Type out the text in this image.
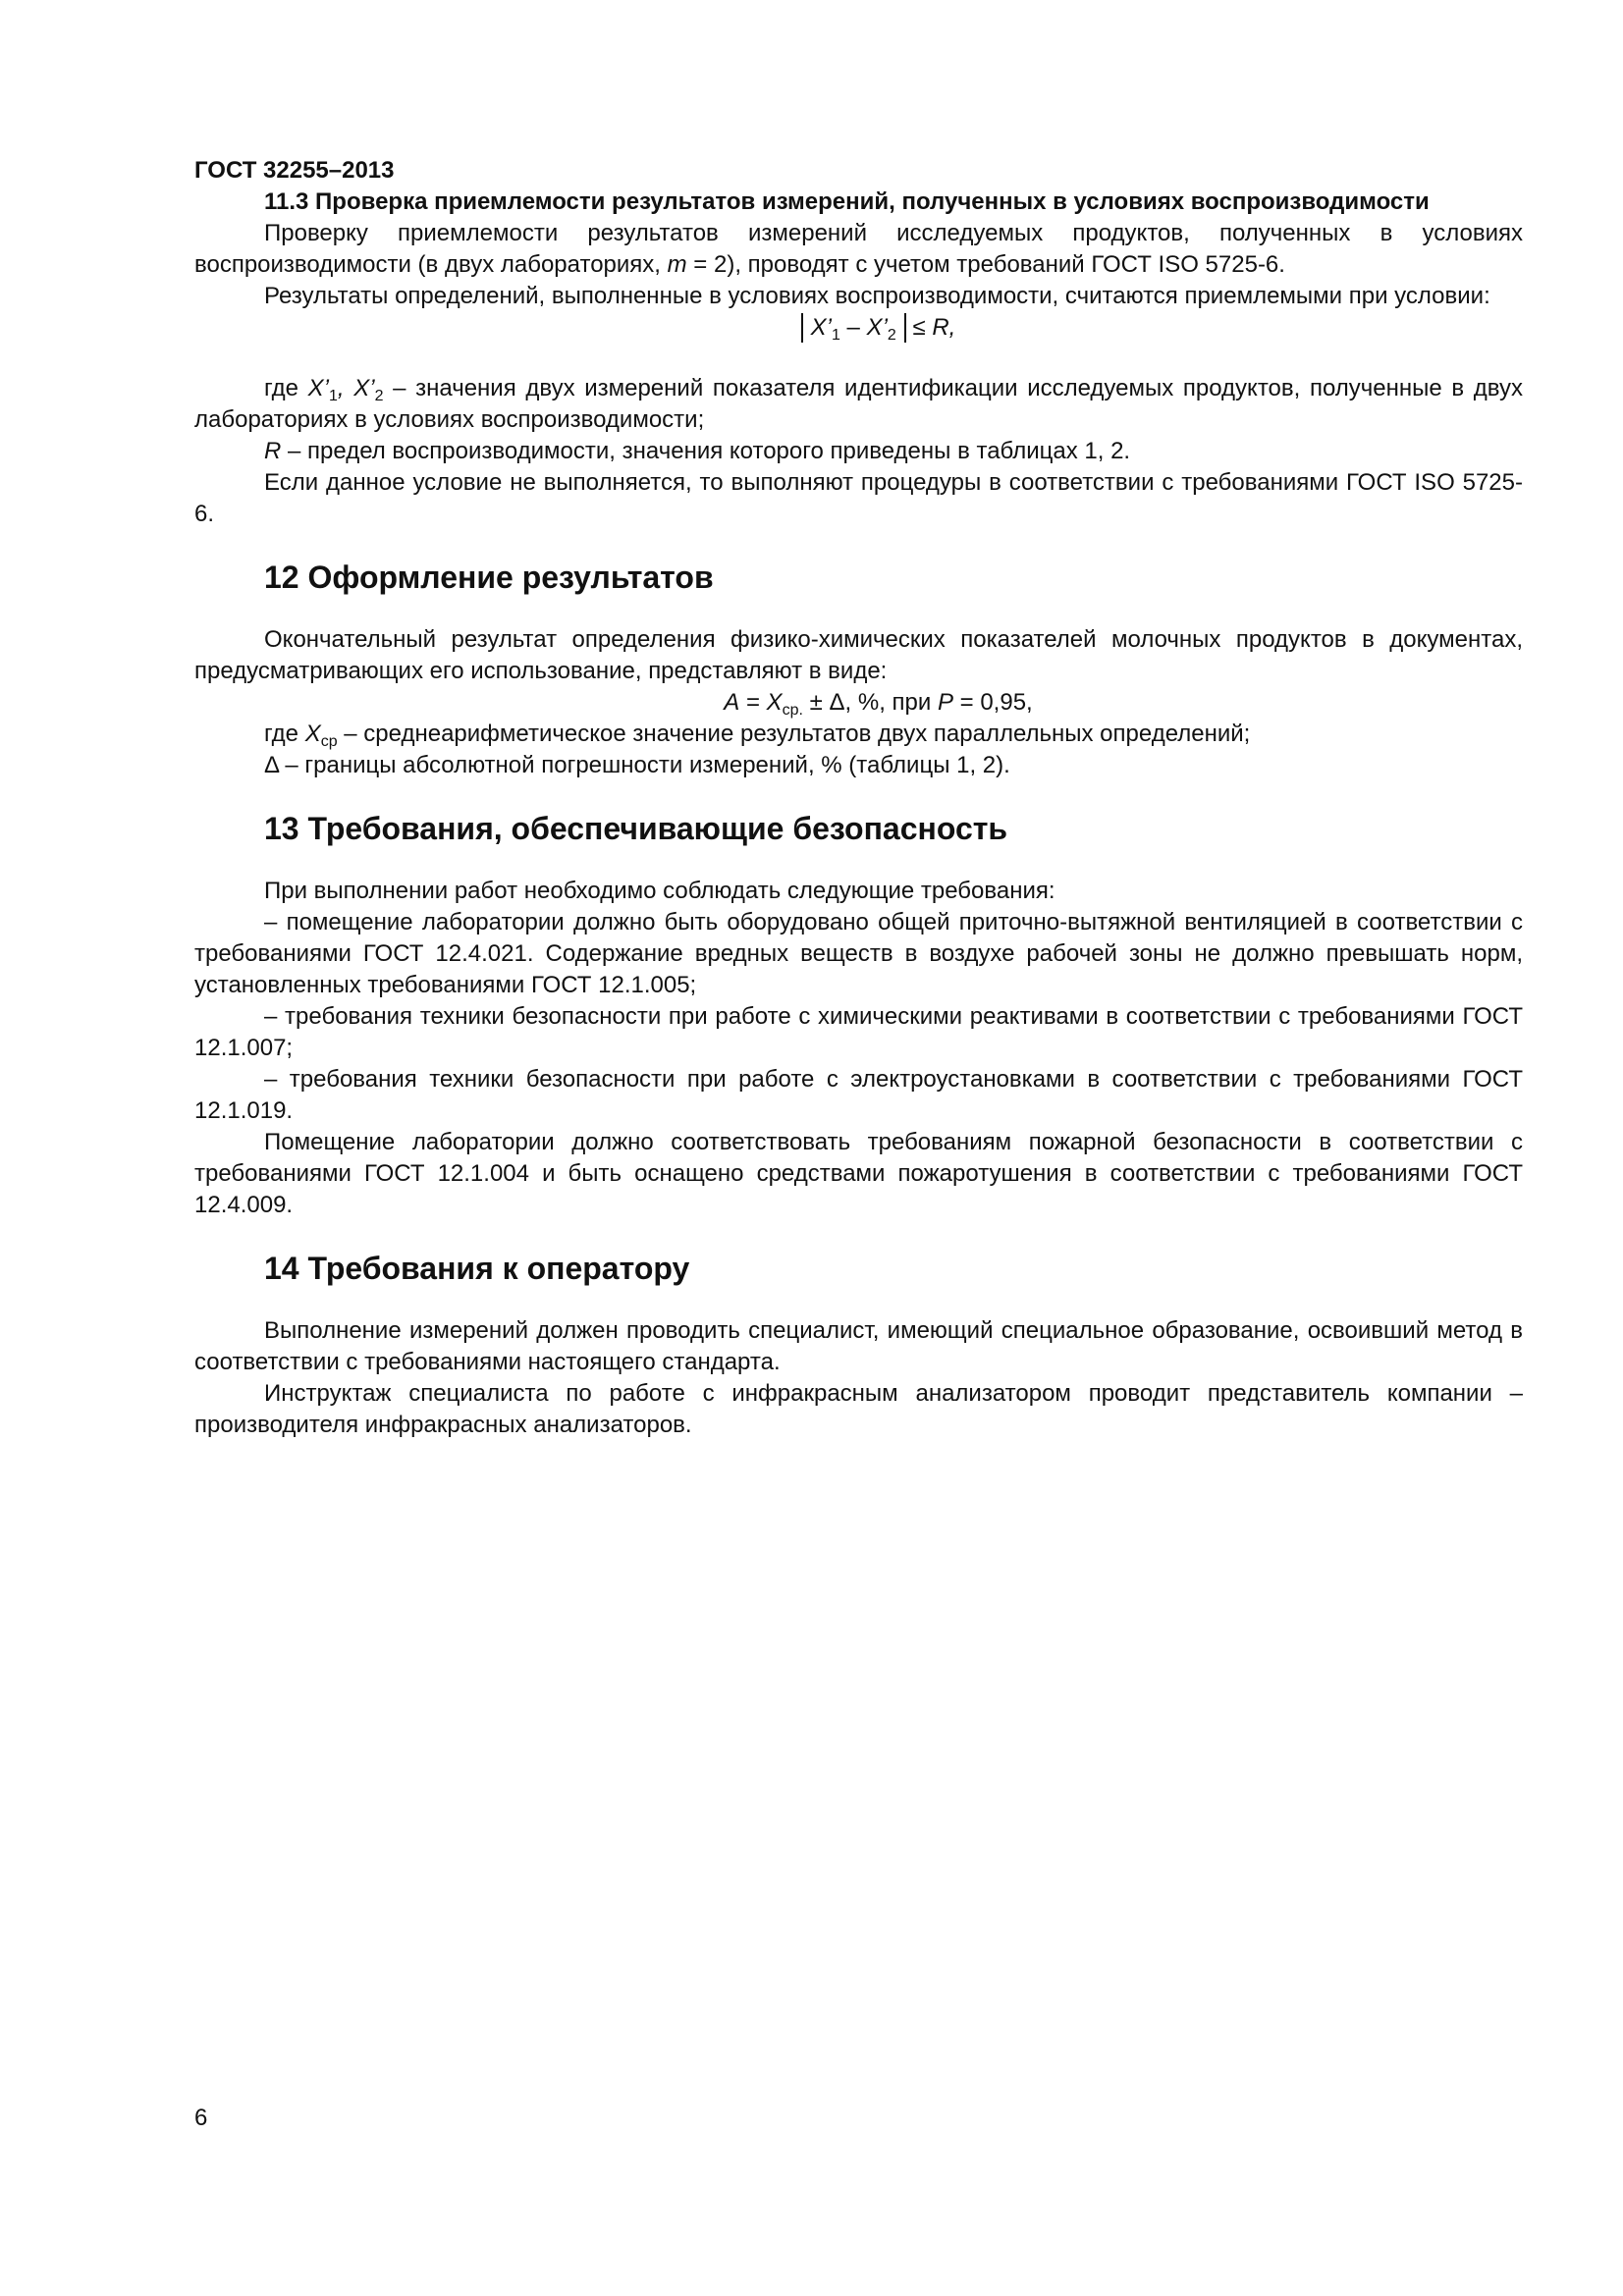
ГОСТ 32255–2013

11.3 Проверка приемлемости результатов измерений, полученных в условиях воспроизводимости

Проверку приемлемости результатов измерений исследуемых продуктов, полученных в условиях воспроизводимости (в двух лабораториях, m = 2), проводят с учетом требований ГОСТ ISO 5725-6.

Результаты определений, выполненные в условиях воспроизводимости, считаются приемлемыми при условии:

$X’_1$ – $X’_2 \le R$,

где $X’_1$, $X’_2$ – значения двух измерений показателя идентификации исследуемых продуктов, полученные в двух лабораториях в условиях воспроизводимости;

R – предел воспроизводимости, значения которого приведены в таблицах 1, 2.

Если данное условие не выполняется, то выполняют процедуры в соответствии с требованиями ГОСТ ISO 5725-6.

12 Оформление результатов

Окончательный результат определения физико-химических показателей молочных продуктов в документах, предусматривающих его использование, представляют в виде:

$A = X_{ср.} \pm \Delta$, %, при P = 0,95,

где $X_{ср}$ – среднеарифметическое значение результатов двух параллельных определений;

Δ – границы абсолютной погрешности измерений, % (таблицы 1, 2).

13 Требования, обеспечивающие безопасность

При выполнении работ необходимо соблюдать следующие требования:

– помещение лаборатории должно быть оборудовано общей приточно-вытяжной вентиляцией в соответствии с требованиями ГОСТ 12.4.021. Содержание вредных веществ в воздухе рабочей зоны не должно превышать норм, установленных требованиями ГОСТ 12.1.005;

– требования техники безопасности при работе с химическими реактивами в соответствии с требованиями ГОСТ 12.1.007;

– требования техники безопасности при работе с электроустановками в соответствии с требованиями ГОСТ 12.1.019.

Помещение лаборатории должно соответствовать требованиям пожарной безопасности в соответствии с требованиями ГОСТ 12.1.004 и быть оснащено средствами пожаротушения в соответствии с требованиями ГОСТ 12.4.009.

14 Требования к оператору

Выполнение измерений должен проводить специалист, имеющий специальное образование, освоивший метод в соответствии с требованиями настоящего стандарта.

Инструктаж специалиста по работе с инфракрасным анализатором проводит представитель компании – производителя инфракрасных анализаторов.

6
